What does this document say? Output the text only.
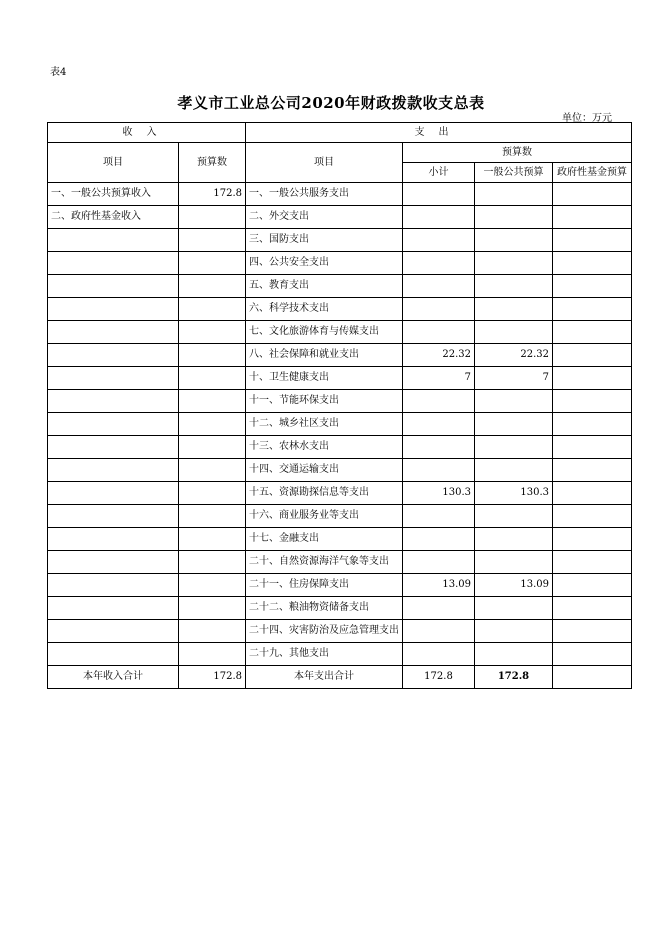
表4
孝义市工业总公司2020年财政拨款收支总表
单位：万元
收入		支出			
项目	预算数	项目	预算数		
			小计	一般公共预算	政府性基金预算
一、一般公共预算收入	172.8	一、一般公共服务支出			
二、政府性基金收入		二、外交支出			
		三、国防支出			
		四、公共安全支出			
		五、教育支出			
		六、科学技术支出			
		七、文化旅游体育与传媒支出			
		八、社会保障和就业支出	22.32	22.32	
		十、卫生健康支出	7	7	
		十一、节能环保支出			
		十二、城乡社区支出			
		十三、农林水支出			
		十四、交通运输支出			
		十五、资源勘探信息等支出	130.3	130.3	
		十六、商业服务业等支出			
		十七、金融支出			
		二十、自然资源海洋气象等支出			
		二十一、住房保障支出	13.09	13.09	
		二十二、粮油物资储备支出			
		二十四、灾害防治及应急管理支出			
		二十九、其他支出			
本年收入合计	172.8	本年支出合计	172.8	172.8	
